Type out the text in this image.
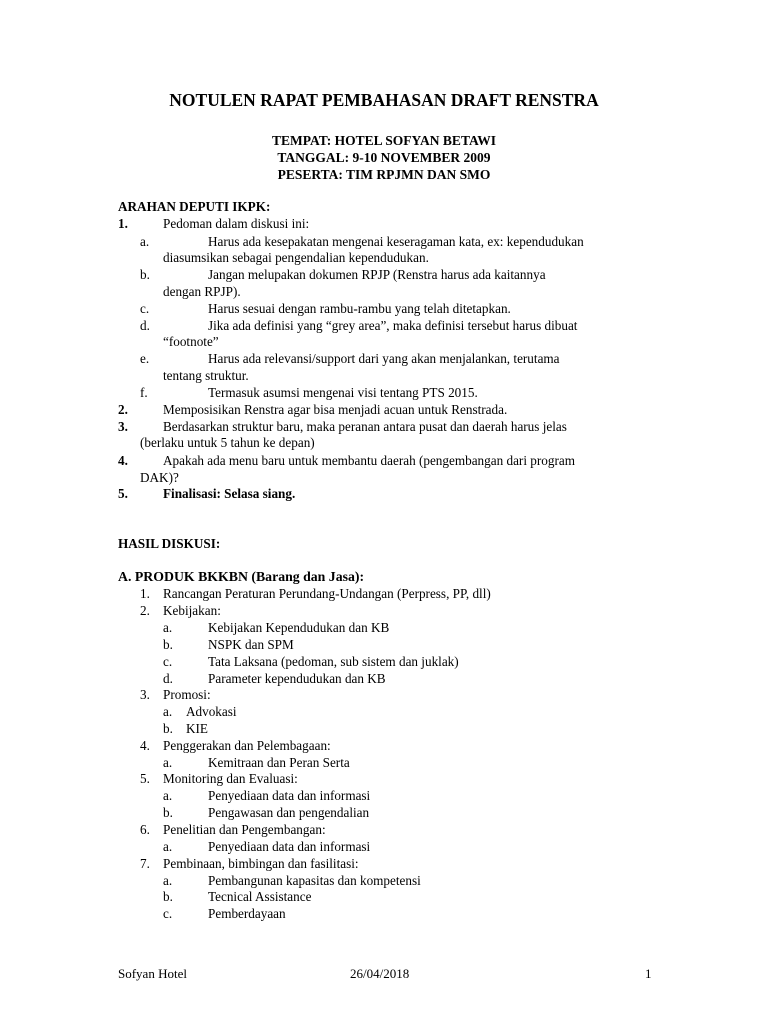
NOTULEN RAPAT PEMBAHASAN DRAFT RENSTRA
TEMPAT: HOTEL SOFYAN BETAWI
TANGGAL: 9-10 NOVEMBER 2009
PESERTA: TIM RPJMN DAN SMO
ARAHAN DEPUTI IKPK:
1.	Pedoman dalam diskusi ini:
a.	Harus ada kesepakatan mengenai keseragaman kata, ex: kependudukan
diasumsikan sebagai pengendalian kependudukan.
b.	Jangan melupakan dokumen RPJP (Renstra harus ada kaitannya
dengan RPJP).
c.	Harus sesuai dengan rambu-rambu yang telah ditetapkan.
d.	Jika ada definisi yang “grey area”, maka definisi tersebut harus dibuat
“footnote”
e.	Harus ada relevansi/support dari yang akan menjalankan, terutama
tentang struktur.
f.	Termasuk asumsi mengenai visi tentang PTS 2015.
2.	Memposisikan Renstra agar bisa menjadi acuan untuk Renstrada.
3.	Berdasarkan struktur baru, maka peranan antara pusat dan daerah harus jelas
(berlaku untuk 5 tahun ke depan)
4.	Apakah ada menu baru untuk membantu daerah (pengembangan dari program
DAK)?
5.	Finalisasi: Selasa siang.
HASIL DISKUSI:
A. PRODUK BKKBN (Barang dan Jasa):
1. Rancangan Peraturan Perundang-Undangan (Perpress, PP, dll)
2. Kebijakan:
a.	Kebijakan Kependudukan dan KB
b.	NSPK dan SPM
c.	Tata Laksana (pedoman, sub sistem dan juklak)
d.	Parameter kependudukan dan KB
3. Promosi:
a. Advokasi
b. KIE
4. Penggerakan dan Pelembagaan:
a.	Kemitraan dan Peran Serta
5. Monitoring dan Evaluasi:
a.	Penyediaan data dan informasi
b.	Pengawasan dan pengendalian
6. Penelitian dan Pengembangan:
a.	Penyediaan data dan informasi
7. Pembinaan, bimbingan dan fasilitasi:
a.	Pembangunan kapasitas dan kompetensi
b.	Tecnical Assistance
c.	Pemberdayaan
Sofyan Hotel	26/04/2018	1
